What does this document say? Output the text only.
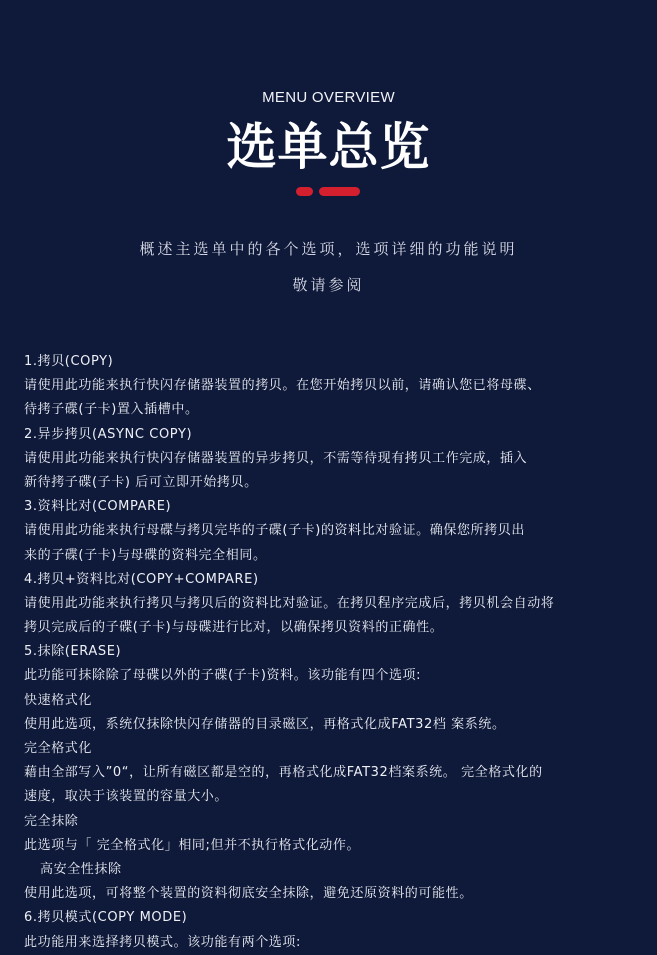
MENU OVERVIEW
选单总览
概述主选单中的各个选项，选项详细的功能说明
敬请参阅
1.拷贝(COPY)
请使用此功能来执行快闪存储器装置的拷贝。在您开始拷贝以前，请确认您已将母碟、
待拷子碟(子卡)置入插槽中。
2.异步拷贝(ASYNC COPY)
请使用此功能来执行快闪存储器装置的异步拷贝，不需等待现有拷贝工作完成，插入
新待拷子碟(子卡) 后可立即开始拷贝。
3.资料比对(COMPARE)
请使用此功能来执行母碟与拷贝完毕的子碟(子卡)的资料比对验证。确保您所拷贝出
来的子碟(子卡)与母碟的资料完全相同。
4.拷贝+资料比对(COPY+COMPARE)
请使用此功能来执行拷贝与拷贝后的资料比对验证。在拷贝程序完成后，拷贝机会自动将
拷贝完成后的子碟(子卡)与母碟进行比对，以确保拷贝资料的正确性。
5.抹除(ERASE)
此功能可抹除除了母碟以外的子碟(子卡)资料。该功能有四个选项:
快速格式化
使用此选项，系统仅抹除快闪存储器的目录磁区，再格式化成FAT32档 案系统。
完全格式化
藉由全部写入”0“，让所有磁区都是空的，再格式化成FAT32档案系统。 完全格式化的
速度，取决于该装置的容量大小。
完全抹除
此选项与「 完全格式化」相同;但并不执行格式化动作。
高安全性抹除
使用此选项，可将整个装置的资料彻底安全抹除，避免还原资料的可能性。
6.拷贝模式(COPY MODE)
此功能用来选择拷贝模式。该功能有两个选项:
